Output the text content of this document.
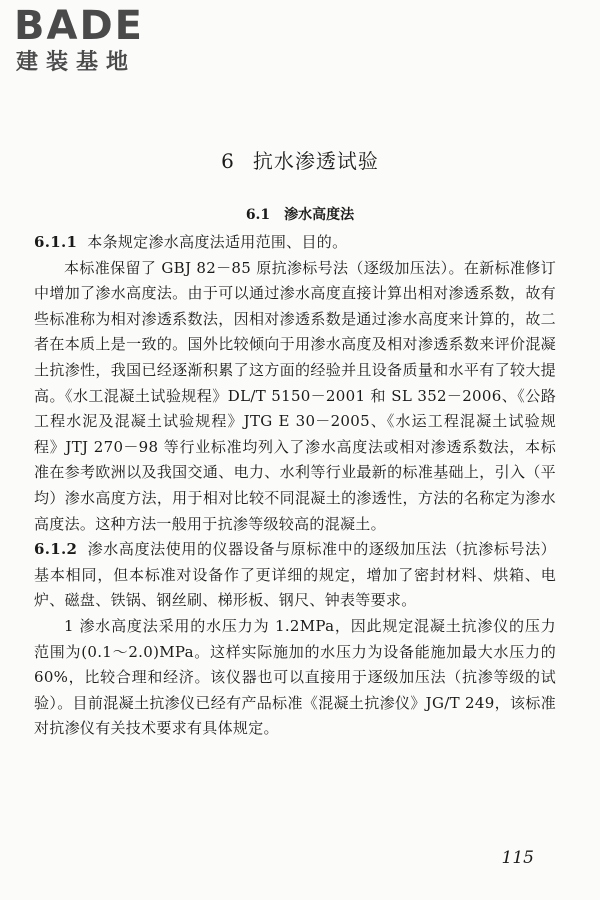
BADE
建装基地
6 抗水渗透试验
6.1 渗水高度法

6.1.1 本条规定渗水高度法适用范围、目的。

本标准保留了 GBJ 82－85 原抗渗标号法（逐级加压法）。在新标准修订中增加了渗水高度法。由于可以通过渗水高度直接计算出相对渗透系数，故有些标准称为相对渗透系数法，因相对渗透系数是通过渗水高度来计算的，故二者在本质上是一致的。国外比较倾向于用渗水高度及相对渗透系数来评价混凝土抗渗性，我国已经逐渐积累了这方面的经验并且设备质量和水平有了较大提高。《水工混凝土试验规程》DL/T 5150－2001 和 SL 352－2006、《公路工程水泥及混凝土试验规程》JTG E 30－2005、《水运工程混凝土试验规程》JTJ 270－98 等行业标准均列入了渗水高度法或相对渗透系数法，本标准在参考欧洲以及我国交通、电力、水利等行业最新的标准基础上，引入（平均）渗水高度方法，用于相对比较不同混凝土的渗透性，方法的名称定为渗水高度法。这种方法一般用于抗渗等级较高的混凝土。

6.1.2 渗水高度法使用的仪器设备与原标准中的逐级加压法（抗渗标号法）基本相同，但本标准对设备作了更详细的规定，增加了密封材料、烘箱、电炉、磁盘、铁锅、钢丝刷、梯形板、钢尺、钟表等要求。

1 渗水高度法采用的水压力为 1.2MPa，因此规定混凝土抗渗仪的压力范围为(0.1～2.0)MPa。这样实际施加的水压力为设备能施加最大水压力的 60%，比较合理和经济。该仪器也可以直接用于逐级加压法（抗渗等级的试验）。目前混凝土抗渗仪已经有产品标准《混凝土抗渗仪》JG/T 249，该标准对抗渗仪有关技术要求有具体规定。

115
